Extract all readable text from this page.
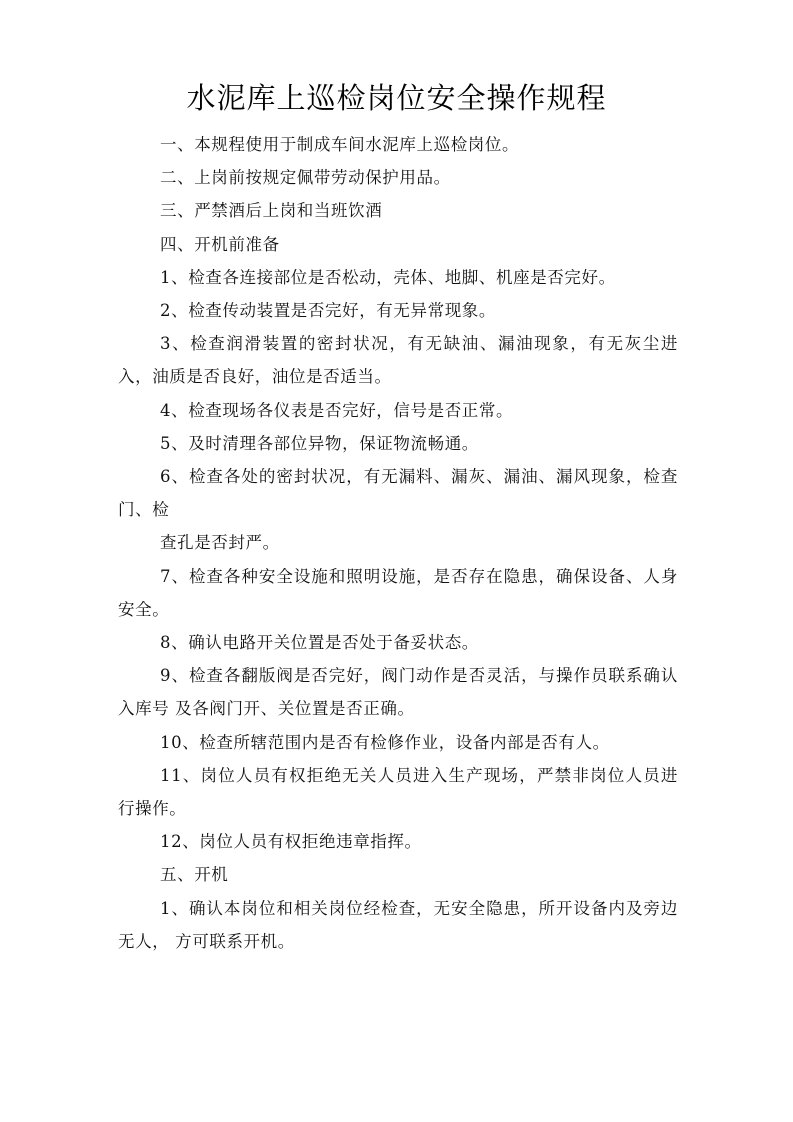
水泥库上巡检岗位安全操作规程

一、本规程使用于制成车间水泥库上巡检岗位。

二、上岗前按规定佩带劳动保护用品。

三、严禁酒后上岗和当班饮酒

四、开机前准备

1、检查各连接部位是否松动，壳体、地脚、机座是否完好。

2、检查传动装置是否完好，有无异常现象。

3、检查润滑装置的密封状况，有无缺油、漏油现象，有无灰尘进入，油质是否良好，油位是否适当。

4、检查现场各仪表是否完好，信号是否正常。

5、及时清理各部位异物，保证物流畅通。

6、检查各处的密封状况，有无漏料、漏灰、漏油、漏风现象，检查门、检

查孔是否封严。

7、检查各种安全设施和照明设施，是否存在隐患，确保设备、人身安全。

8、确认电路开关位置是否处于备妥状态。

9、检查各翻版阀是否完好，阀门动作是否灵活，与操作员联系确认入库号 及各阀门开、关位置是否正确。

10、检查所辖范围内是否有检修作业，设备内部是否有人。

11、岗位人员有权拒绝无关人员进入生产现场，严禁非岗位人员进行操作。

12、岗位人员有权拒绝违章指挥。

五、开机

1、确认本岗位和相关岗位经检查，无安全隐患，所开设备内及旁边无人， 方可联系开机。
